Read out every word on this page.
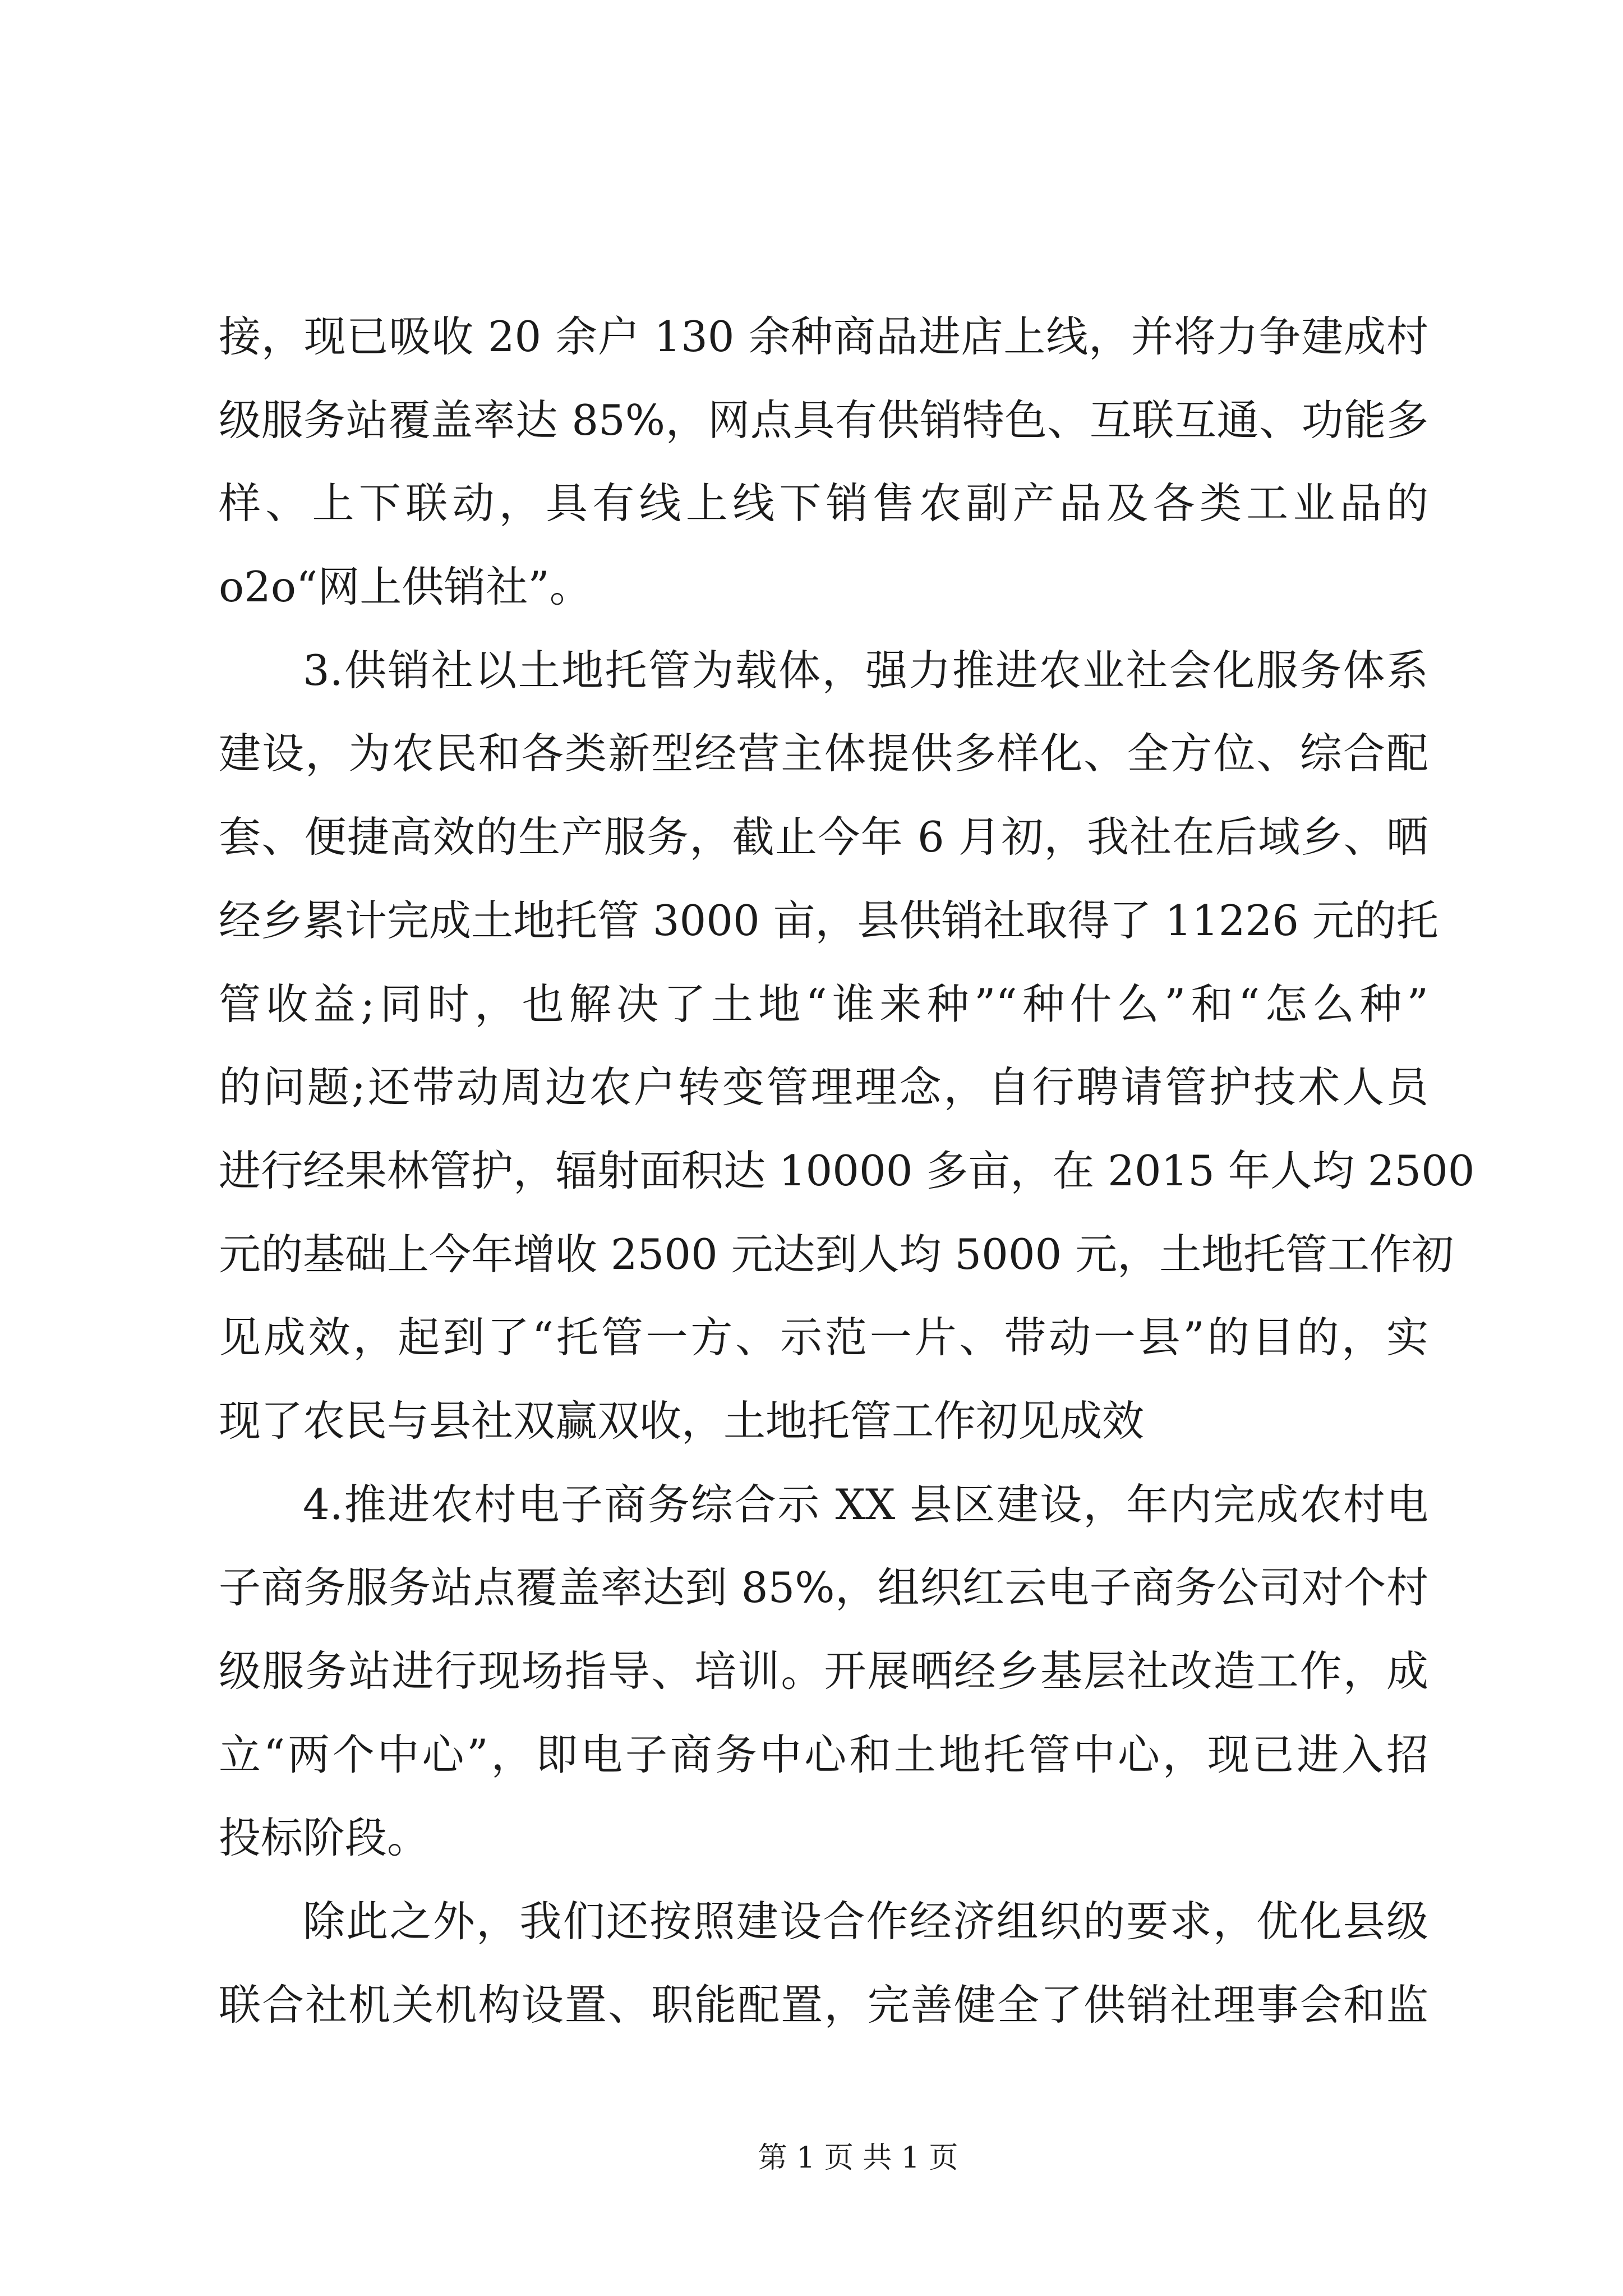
接，现已吸收 20 余户 130 余种商品进店上线，并将力争建成村
级服务站覆盖率达 85%，网点具有供销特色、互联互通、功能多
样、上下联动，具有线上线下销售农副产品及各类工业品的
o2o“网上供销社”。
3.供销社以土地托管为载体，强力推进农业社会化服务体系
建设，为农民和各类新型经营主体提供多样化、全方位、综合配
套、便捷高效的生产服务，截止今年 6 月初，我社在后域乡、晒
经乡累计完成土地托管 3000 亩，县供销社取得了 11226 元的托
管收益;同时，也解决了土地“谁来种”“种什么”和“怎么种”
的问题;还带动周边农户转变管理理念，自行聘请管护技术人员
进行经果林管护，辐射面积达 10000 多亩，在 2015 年人均 2500
元的基础上今年增收 2500 元达到人均 5000 元，土地托管工作初
见成效，起到了“托管一方、示范一片、带动一县”的目的，实
现了农民与县社双赢双收，土地托管工作初见成效
4.推进农村电子商务综合示 XX 县区建设，年内完成农村电
子商务服务站点覆盖率达到 85%，组织红云电子商务公司对个村
级服务站进行现场指导、培训。开展晒经乡基层社改造工作，成
立“两个中心”，即电子商务中心和土地托管中心，现已进入招
投标阶段。
除此之外，我们还按照建设合作经济组织的要求，优化县级
联合社机关机构设置、职能配置，完善健全了供销社理事会和监
第 1 页 共 1 页
